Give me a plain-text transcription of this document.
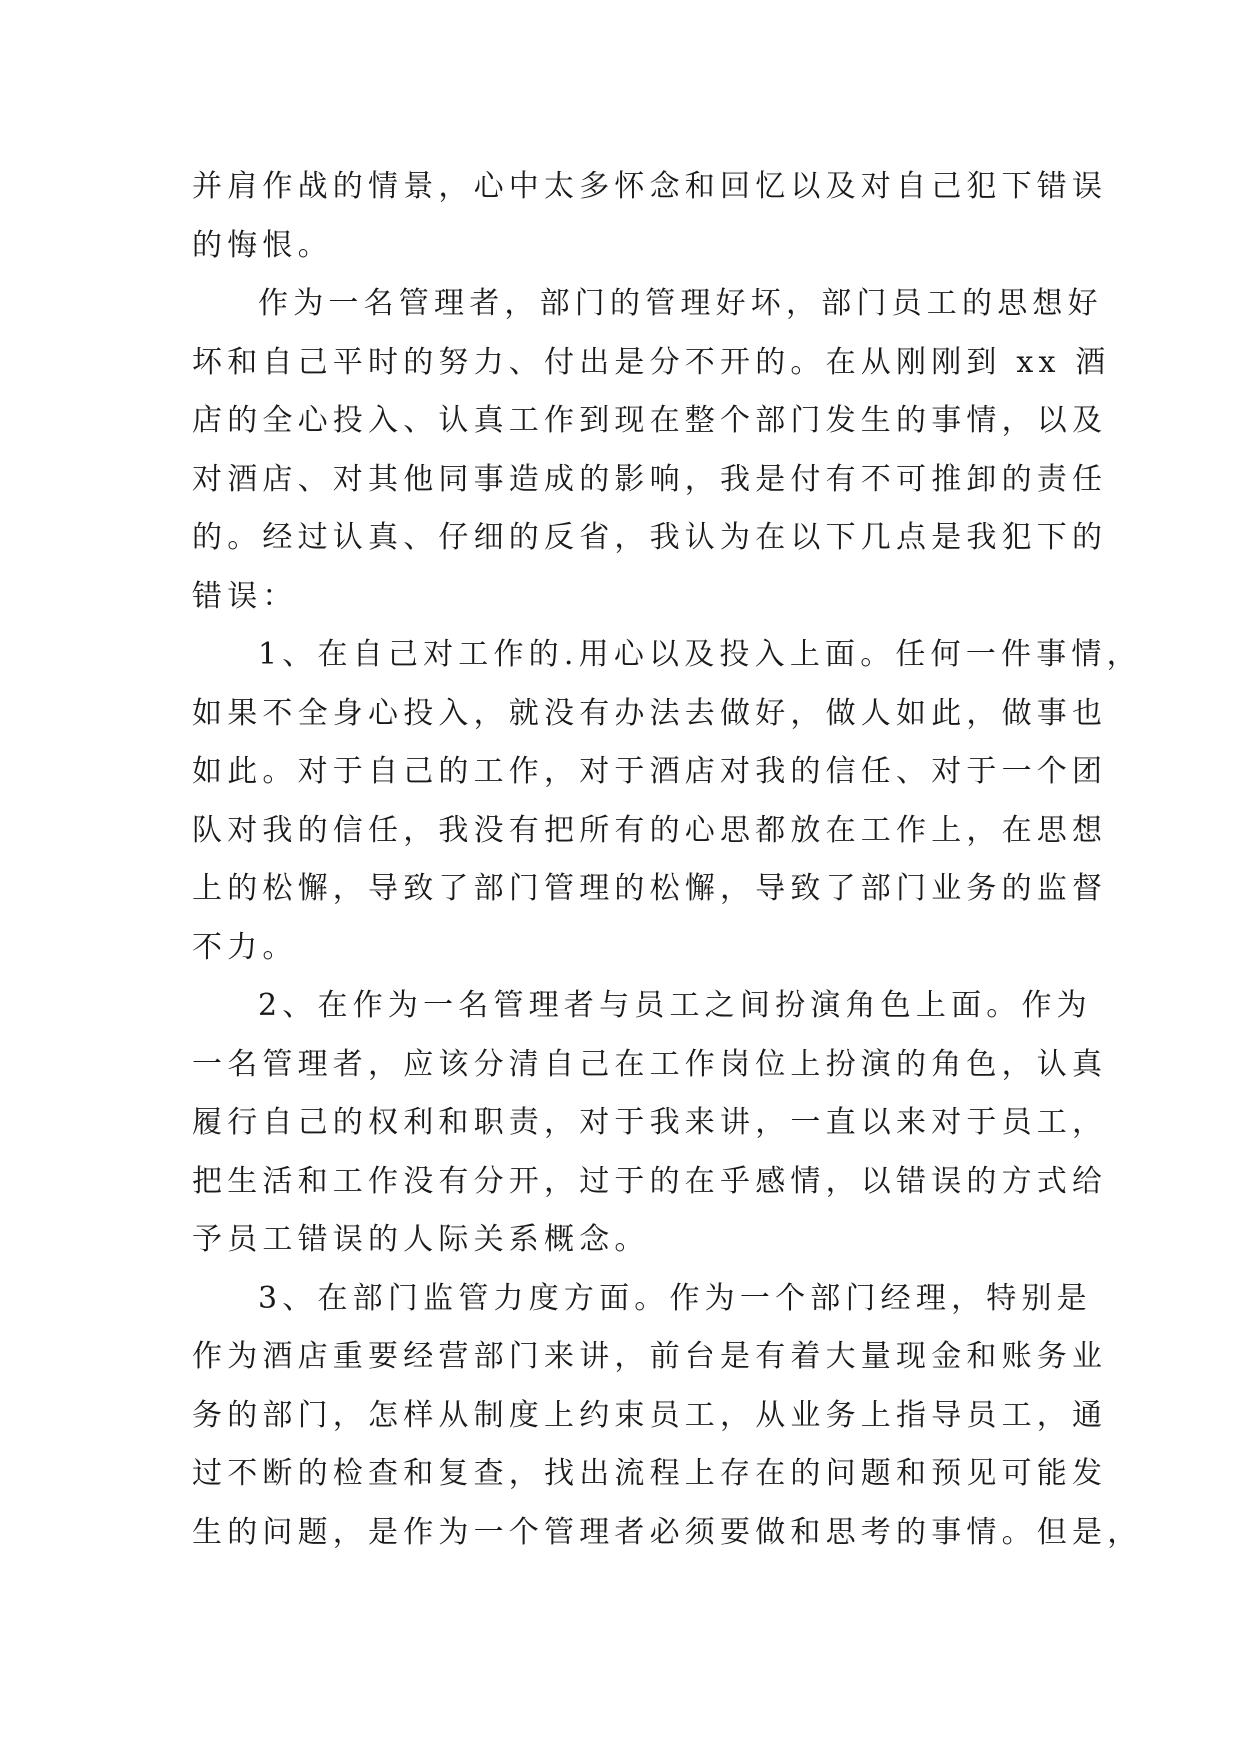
并肩作战的情景，心中太多怀念和回忆以及对自己犯下错误
的悔恨。
作为一名管理者，部门的管理好坏，部门员工的思想好
坏和自己平时的努力、付出是分不开的。在从刚刚到 xx 酒
店的全心投入、认真工作到现在整个部门发生的事情，以及
对酒店、对其他同事造成的影响，我是付有不可推卸的责任
的。经过认真、仔细的反省，我认为在以下几点是我犯下的
错误：
1、在自己对工作的.用心以及投入上面。任何一件事情，
如果不全身心投入，就没有办法去做好，做人如此，做事也
如此。对于自己的工作，对于酒店对我的信任、对于一个团
队对我的信任，我没有把所有的心思都放在工作上，在思想
上的松懈，导致了部门管理的松懈，导致了部门业务的监督
不力。
2、在作为一名管理者与员工之间扮演角色上面。作为
一名管理者，应该分清自己在工作岗位上扮演的角色，认真
履行自己的权利和职责，对于我来讲，一直以来对于员工，
把生活和工作没有分开，过于的在乎感情，以错误的方式给
予员工错误的人际关系概念。
3、在部门监管力度方面。作为一个部门经理，特别是
作为酒店重要经营部门来讲，前台是有着大量现金和账务业
务的部门，怎样从制度上约束员工，从业务上指导员工，通
过不断的检查和复查，找出流程上存在的问题和预见可能发
生的问题，是作为一个管理者必须要做和思考的事情。但是，
